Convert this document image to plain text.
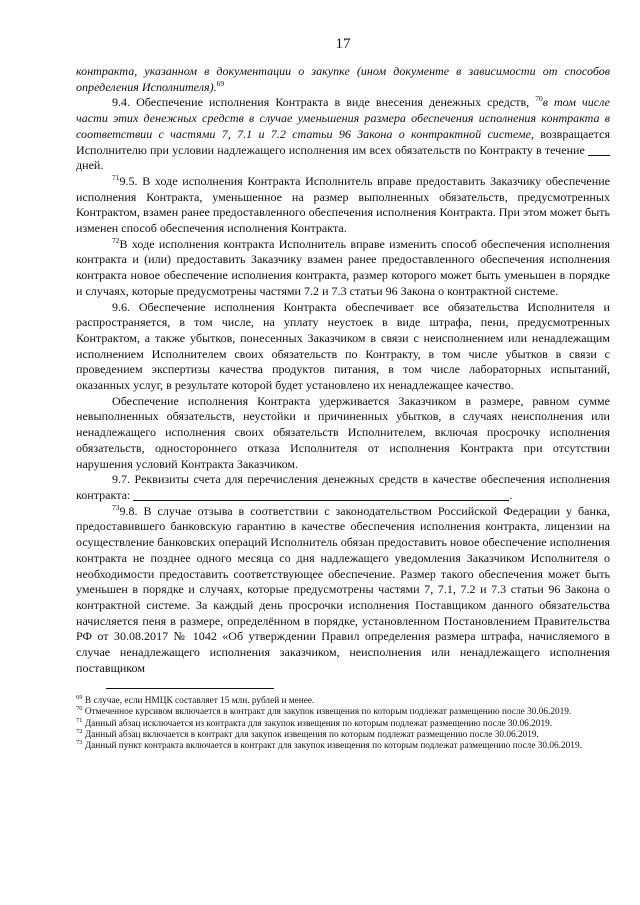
17

контракта, указанном в документации о закупке (ином документе в зависимости от способов определения Исполнителя).$^{69}$

9.4. Обеспечение исполнения Контракта в виде внесения денежных средств, $^{70}$в том числе части этих денежных средств в случае уменьшения размера обеспечения исполнения контракта в соответствии с частями 7, 7.1 и 7.2 статьи 96 Закона о контрактной системе, возвращается Исполнителю при условии надлежащего исполнения им всех обязательств по Контракту в течение  дней.

$^{71}$9.5. В ходе исполнения Контракта Исполнитель вправе предоставить Заказчику обеспечение исполнения Контракта, уменьшенное на размер выполненных обязательств, предусмотренных Контрактом, взамен ранее предоставленного обеспечения исполнения Контракта. При этом может быть изменен способ обеспечения исполнения Контракта.

$^{72}$В ходе исполнения контракта Исполнитель вправе изменить способ обеспечения исполнения контракта и (или) предоставить Заказчику взамен ранее предоставленного обеспечения исполнения контракта новое обеспечение исполнения контракта, размер которого может быть уменьшен в порядке и случаях, которые предусмотрены частями 7.2 и 7.3 статьи 96 Закона о контрактной системе.

9.6. Обеспечение исполнения Контракта обеспечивает все обязательства Исполнителя и распространяется, в том числе, на уплату неустоек в виде штрафа, пени, предусмотренных Контрактом, а также убытков, понесенных Заказчиком в связи с неисполнением или ненадлежащим исполнением Исполнителем своих обязательств по Контракту, в том числе убытков в связи с проведением экспертизы качества продуктов питания, в том числе лабораторных испытаний, оказанных услуг, в результате которой будет установлено их ненадлежащее качество.

Обеспечение исполнения Контракта удерживается Заказчиком в размере, равном сумме невыполненных обязательств, неустойки и причиненных убытков, в случаях неисполнения или ненадлежащего исполнения своих обязательств Исполнителем, включая просрочку исполнения обязательств, одностороннего отказа Исполнителя от исполнения Контракта при отсутствии нарушения условий Контракта Заказчиком.

9.7. Реквизиты счета для перечисления денежных средств в качестве обеспечения исполнения контракта:	.

$^{73}$9.8. В случае отзыва в соответствии с законодательством Российской Федерации у банка, предоставившего банковскую гарантию в качестве обеспечения исполнения контракта, лицензии на осуществление банковских операций Исполнитель обязан предоставить новое обеспечение исполнения контракта не позднее одного месяца со дня надлежащего уведомления Заказчиком Исполнителя о необходимости предоставить соответствующее обеспечение. Размер такого обеспечения может быть уменьшен в порядке и случаях, которые предусмотрены частями 7, 7.1, 7.2 и 7.3 статьи 96 Закона о контрактной системе. За каждый день просрочки исполнения Поставщиком данного обязательства начисляется пеня в размере, определённом в порядке, установленном Постановлением Правительства РФ от 30.08.2017 № 1042 «Об утверждении Правил определения размера штрафа, начисляемого в случае ненадлежащего исполнения заказчиком, неисполнения или ненадлежащего исполнения поставщиком

$^{69}$ В случае, если НМЦК составляет 15 млн. рублей и менее.

$^{70}$ Отмеченное курсивом включается в контракт для закупок извещения по которым подлежат размещению после 30.06.2019.

$^{71}$ Данный абзац исключается из контракта для закупок извещения по которым подлежат размещению после 30.06.2019.

$^{72}$ Данный абзац включается в контракт для закупок извещения по которым подлежат размещению после 30.06.2019.

$^{73}$ Данный пункт контракта включается в контракт для закупок извещения по которым подлежат размещению после 30.06.2019.
